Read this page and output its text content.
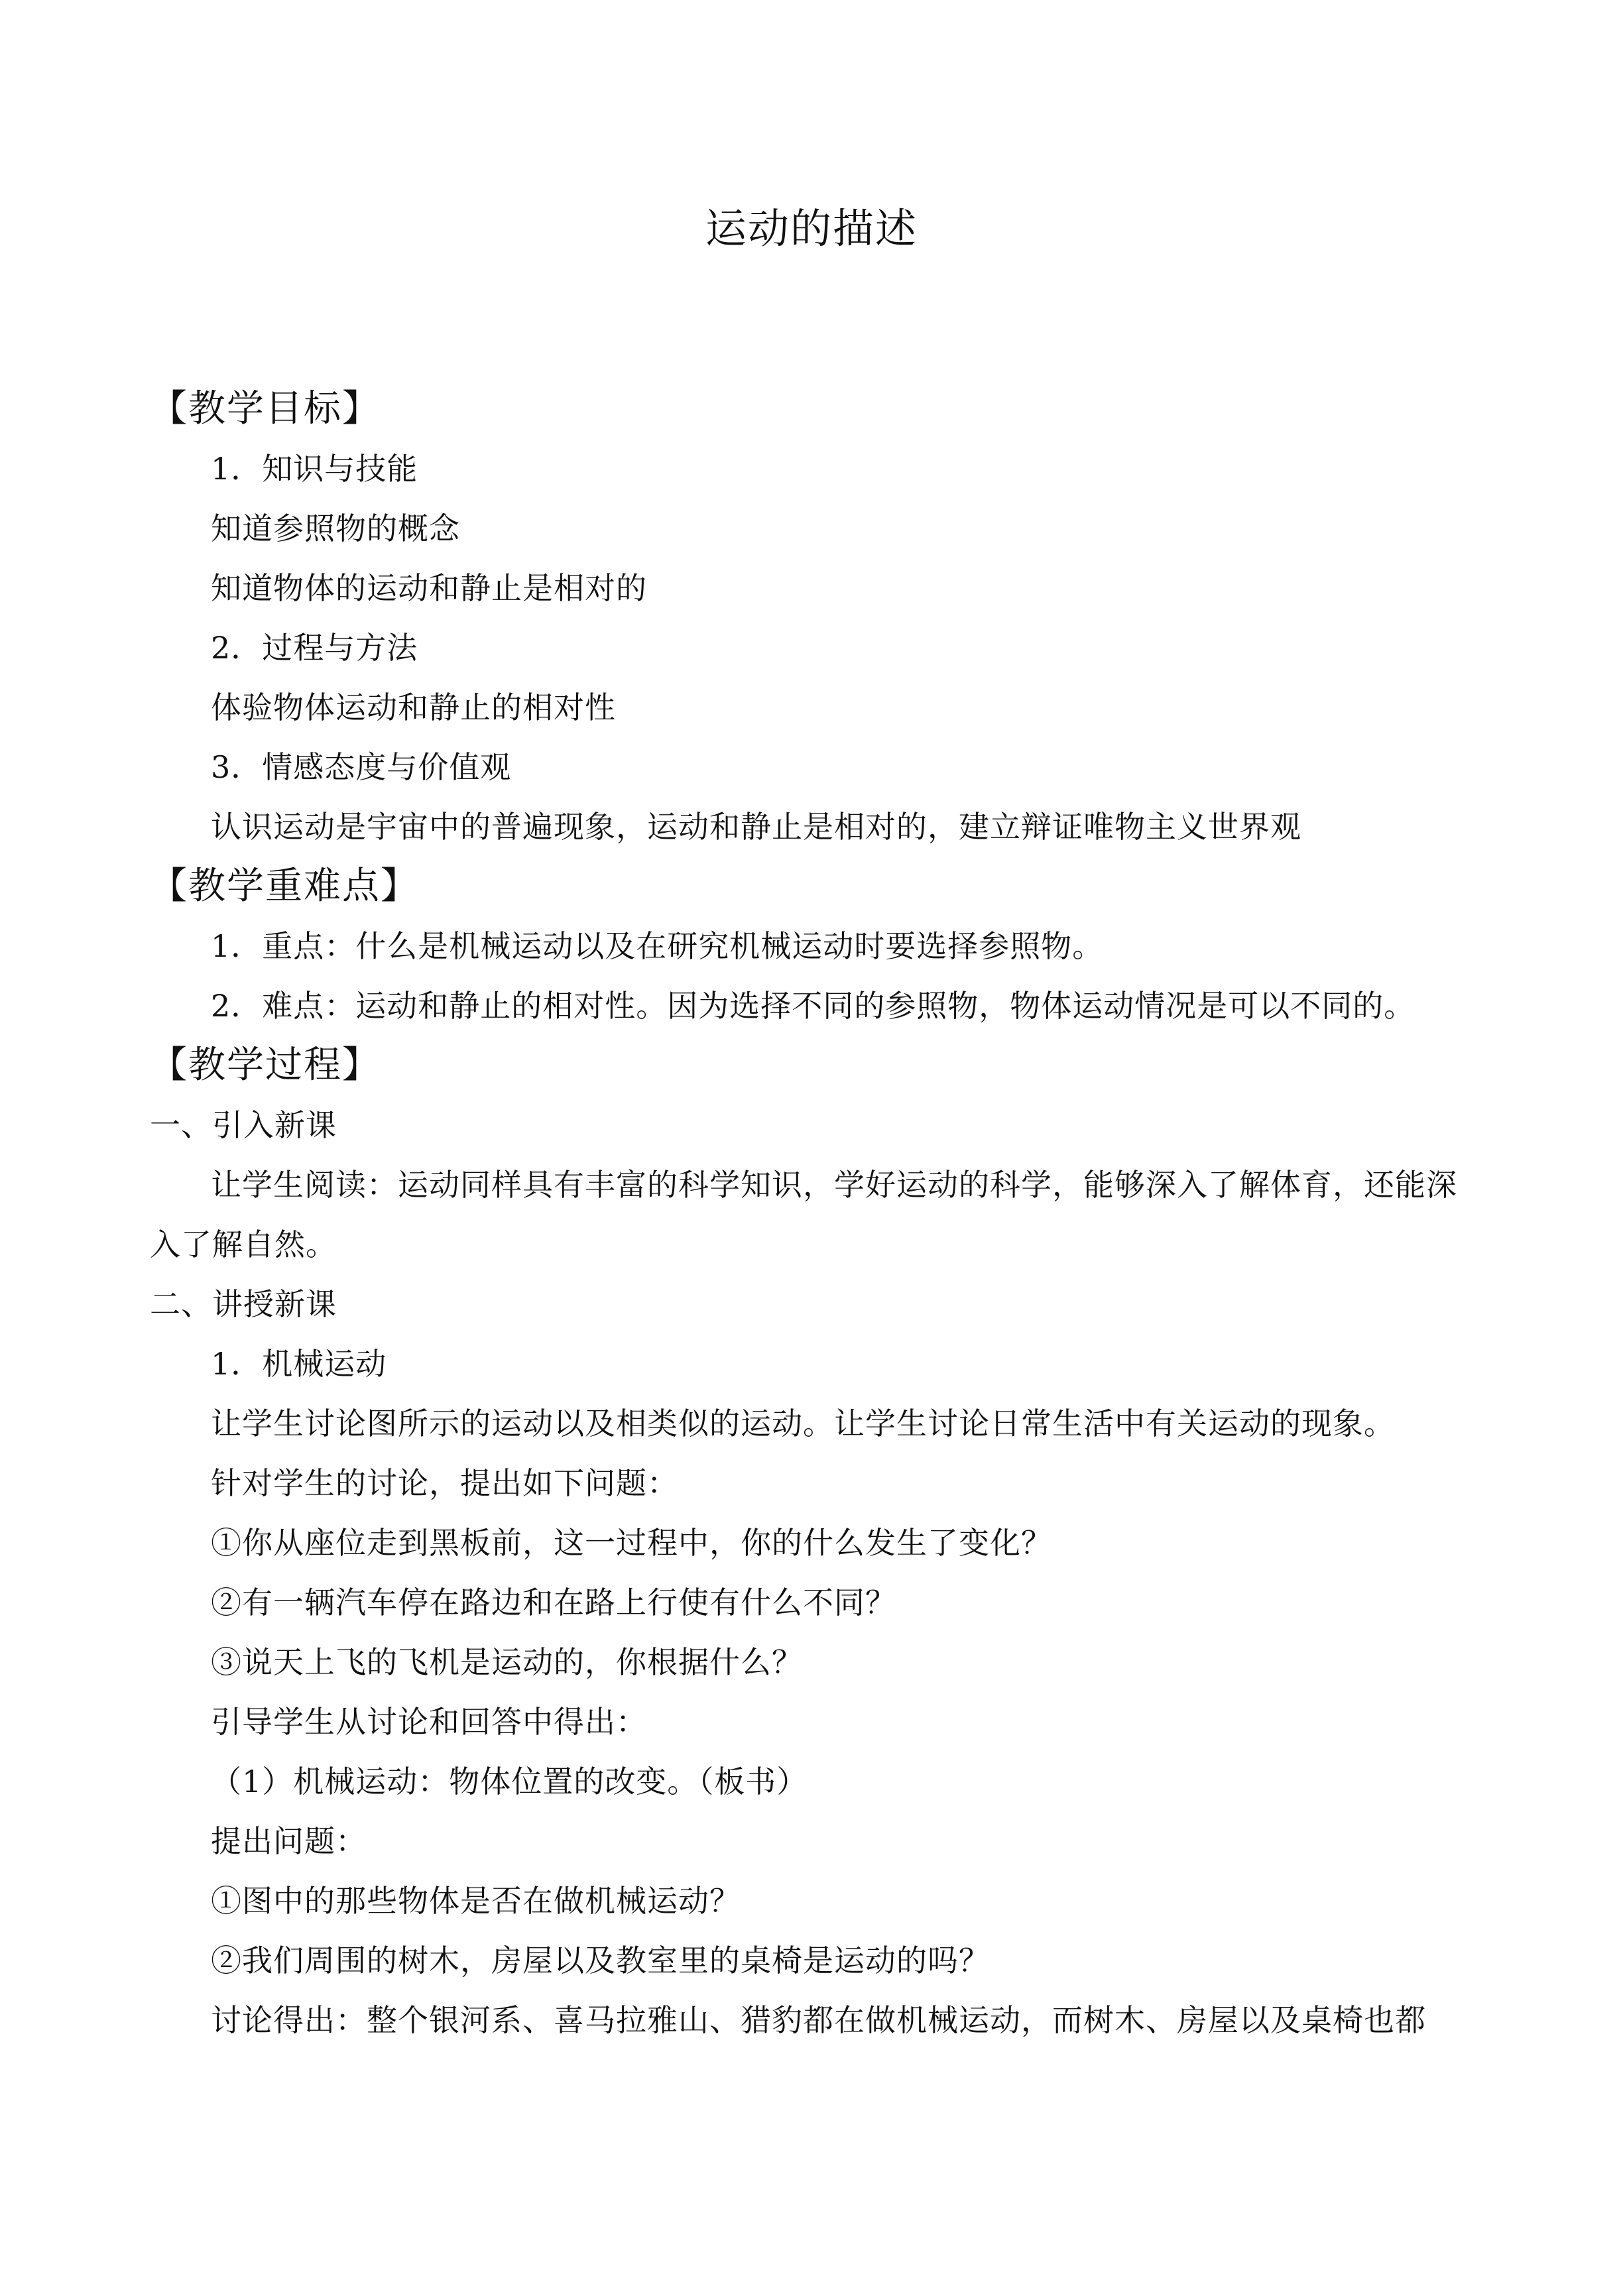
运动的描述
【教学目标】
1．知识与技能
知道参照物的概念
知道物体的运动和静止是相对的
2．过程与方法
体验物体运动和静止的相对性
3．情感态度与价值观
认识运动是宇宙中的普遍现象，运动和静止是相对的，建立辩证唯物主义世界观
【教学重难点】
1．重点：什么是机械运动以及在研究机械运动时要选择参照物。
2．难点：运动和静止的相对性。因为选择不同的参照物，物体运动情况是可以不同的。
【教学过程】
一、引入新课
让学生阅读：运动同样具有丰富的科学知识，学好运动的科学，能够深入了解体育，还能深入了解自然。
二、讲授新课
1．机械运动
让学生讨论图所示的运动以及相类似的运动。让学生讨论日常生活中有关运动的现象。
针对学生的讨论，提出如下问题：
①你从座位走到黑板前，这一过程中，你的什么发生了变化？
②有一辆汽车停在路边和在路上行使有什么不同？
③说天上飞的飞机是运动的，你根据什么？
引导学生从讨论和回答中得出：
（1）机械运动：物体位置的改变。（板书）
提出问题：
①图中的那些物体是否在做机械运动？
②我们周围的树木，房屋以及教室里的桌椅是运动的吗？
讨论得出：整个银河系、喜马拉雅山、猎豹都在做机械运动，而树木、房屋以及桌椅也都
